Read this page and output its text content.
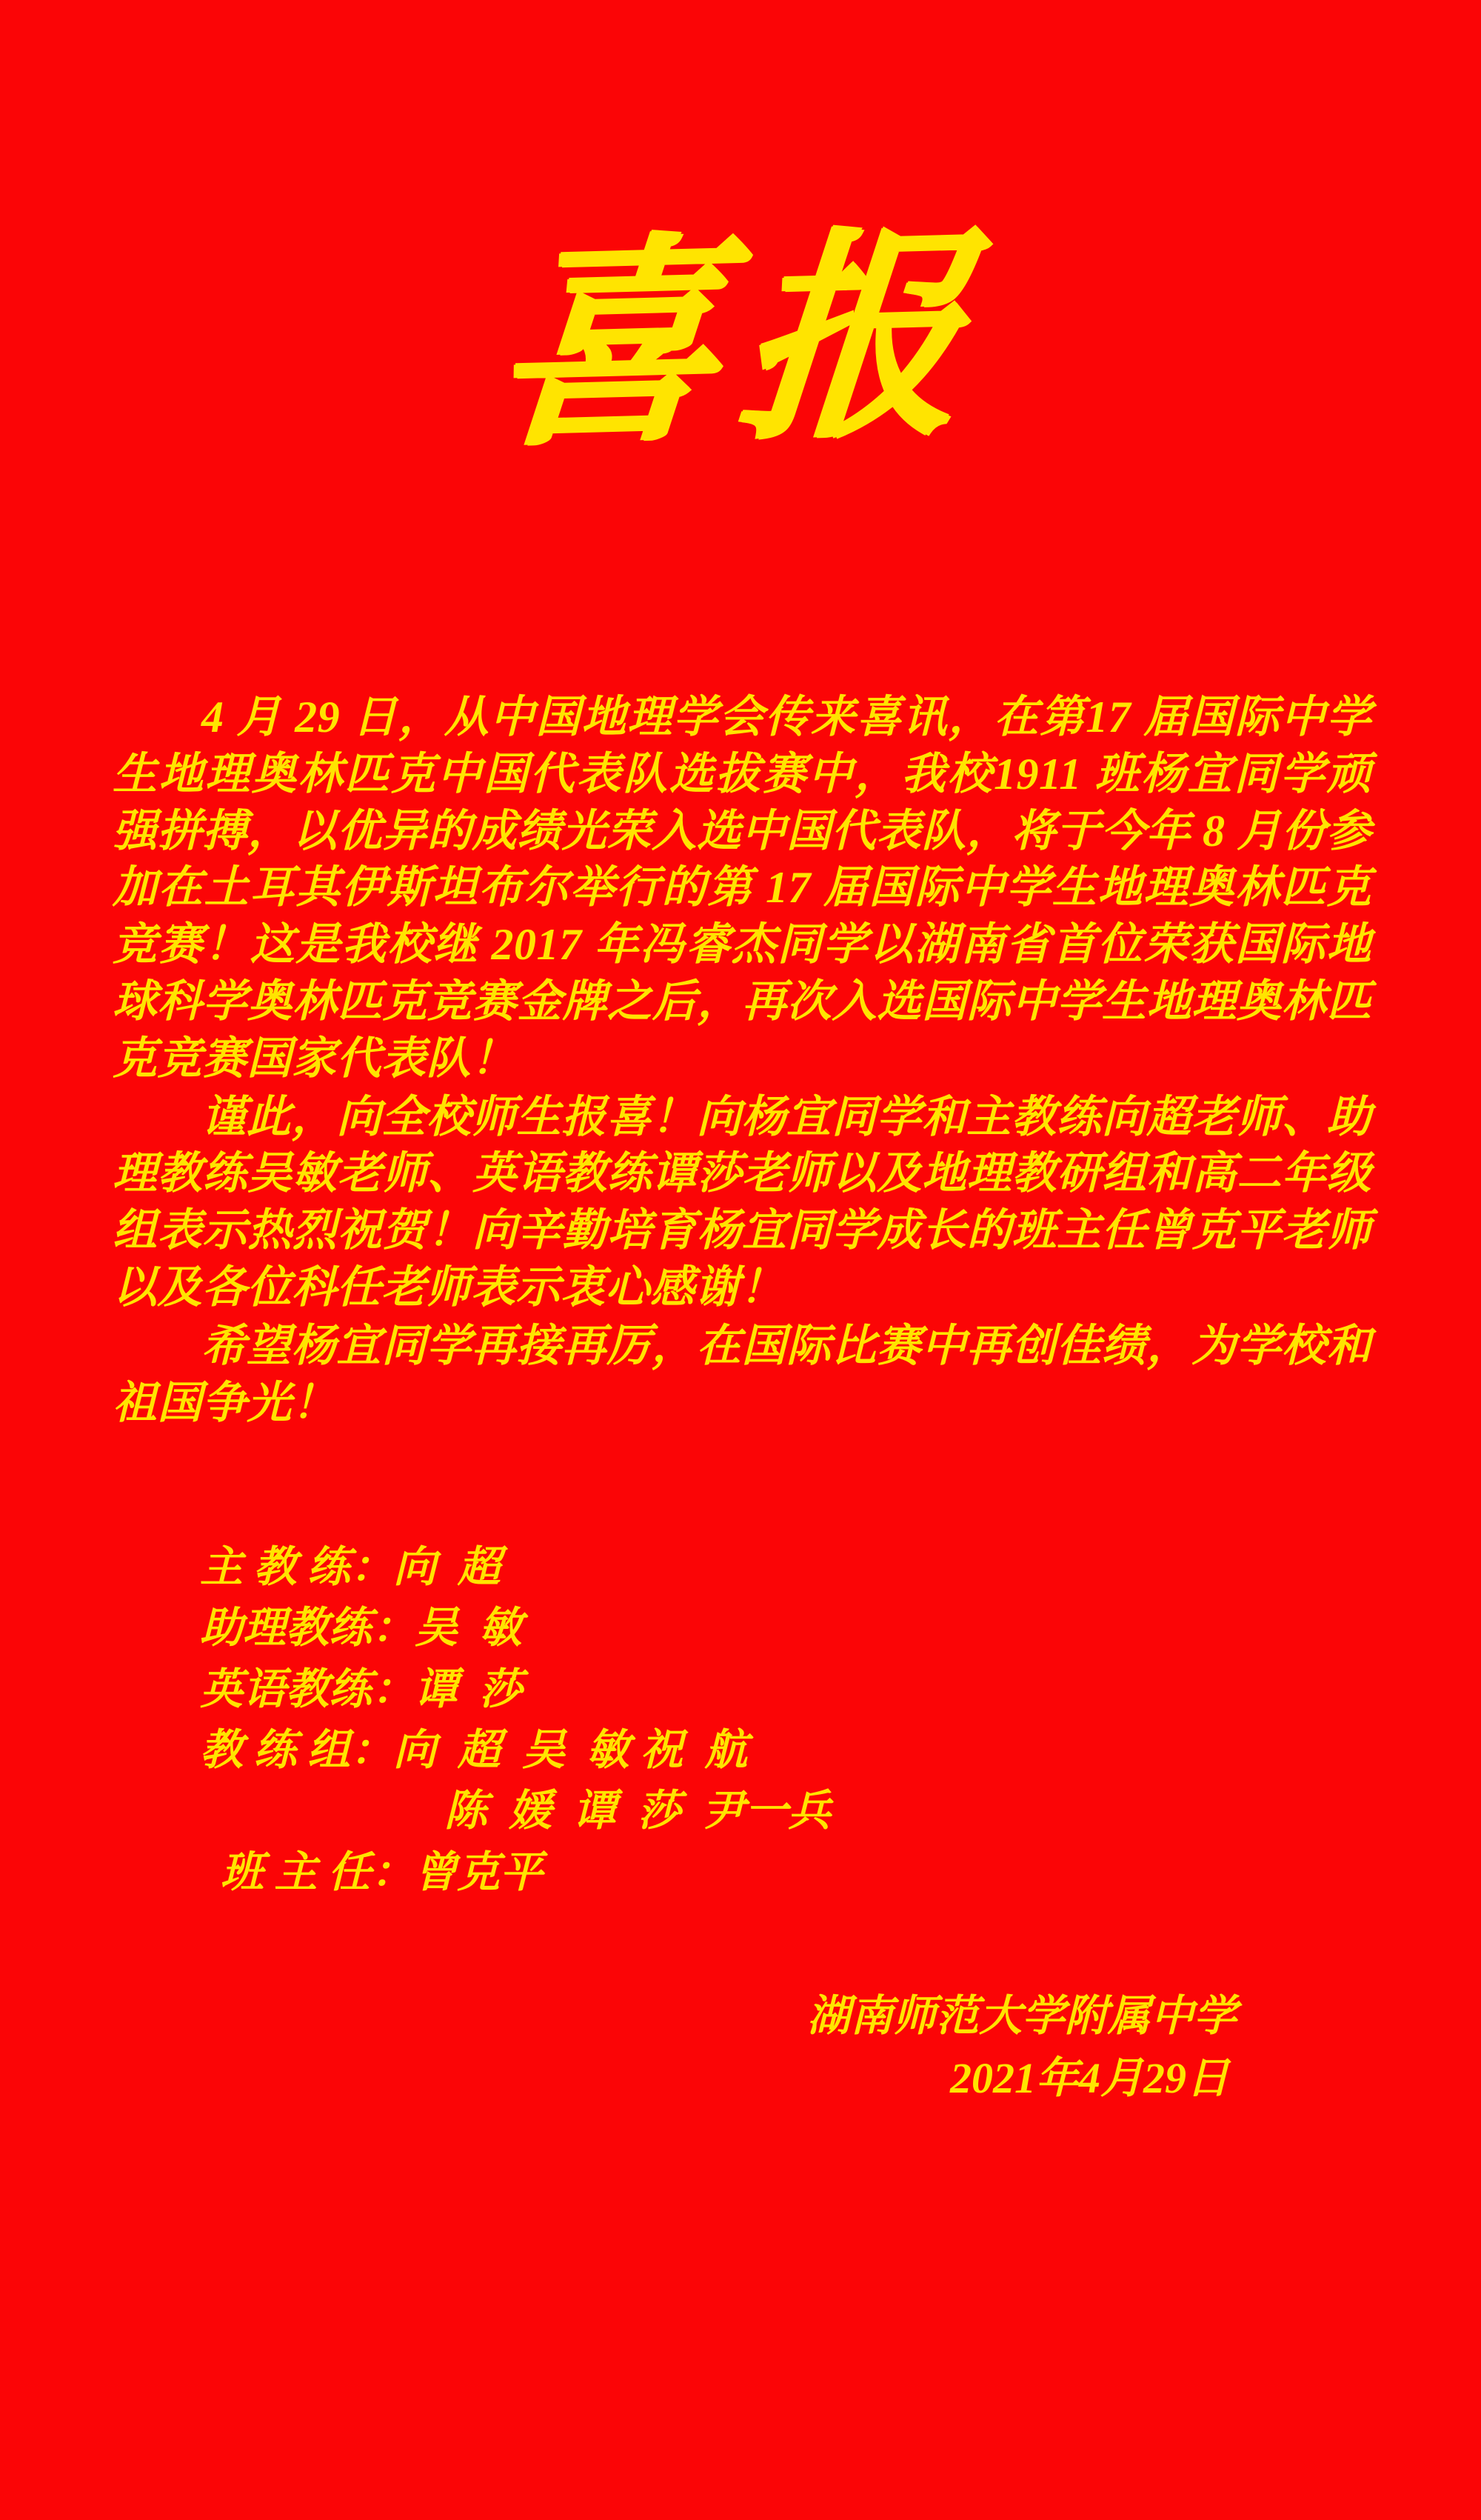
喜报

4 月 29 日，从中国地理学会传来喜讯，在第17 届国际中学生地理奥林匹克中国代表队选拔赛中，我校1911 班杨宜同学顽强拼搏，以优异的成绩光荣入选中国代表队，将于今年 8 月份参加在土耳其伊斯坦布尔举行的第 17 届国际中学生地理奥林匹克竞赛！这是我校继 2017 年冯睿杰同学以湖南省首位荣获国际地球科学奥林匹克竞赛金牌之后，再次入选国际中学生地理奥林匹克竞赛国家代表队！

谨此，向全校师生报喜！向杨宜同学和主教练向超老师、助理教练吴敏老师、英语教练谭莎老师以及地理教研组和高二年级组表示热烈祝贺！向辛勤培育杨宜同学成长的班主任曾克平老师以及各位科任老师表示衷心感谢！

希望杨宜同学再接再厉，在国际比赛中再创佳绩，为学校和祖国争光！

主 教 练：向  超
助理教练：吴  敏
英语教练：谭  莎
教 练 组：向  超  吴  敏 祝  航
陈  媛  谭  莎  尹一兵
班 主 任：曾克平
湖南师范大学附属中学
2021年4月29日
